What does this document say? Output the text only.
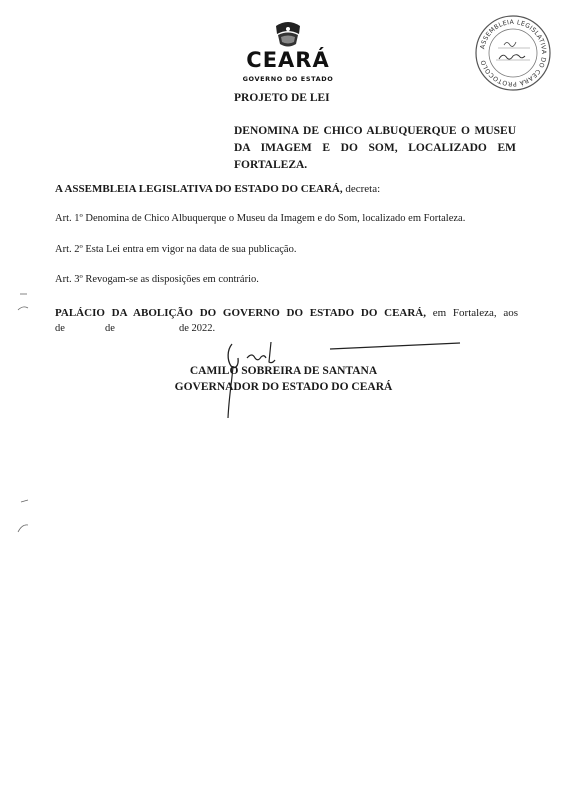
CEARÁ
GOVERNO DO ESTADO
ASSEMBLEIA LEGISLATIVA DO CEARÁ PROTOCOLO
PROJETO DE LEI
DENOMINA DE CHICO ALBUQUERQUE O MUSEU DA IMAGEM E DO SOM, LOCALIZADO EM FORTALEZA.
A ASSEMBLEIA LEGISLATIVA DO ESTADO DO CEARÁ, decreta:
Art. 1º Denomina de Chico Albuquerque o Museu da Imagem e do Som, localizado em Fortaleza.
Art. 2º Esta Lei entra em vigor na data de sua publicação.
Art. 3º Revogam-se as disposições em contrário.
PALÁCIO DA ABOLIÇÃO DO GOVERNO DO ESTADO DO CEARÁ, em Fortaleza, aos
de	de	de 2022.
CAMILO SOBREIRA DE SANTANA
GOVERNADOR DO ESTADO DO CEARÁ
